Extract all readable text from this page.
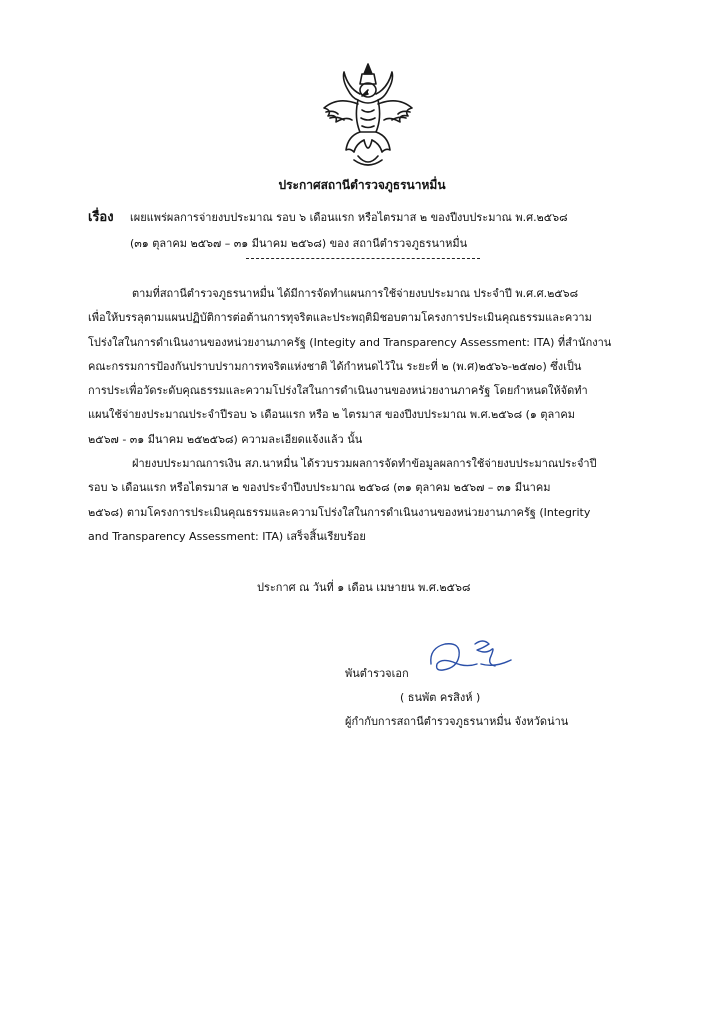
ประกาศสถานีตำรวจภูธรนาหมื่น
เรื่อง เผยแพร่ผลการจ่ายงบประมาณ รอบ ๖ เดือนแรก หรือไตรมาส ๒ ของปีงบประมาณ พ.ศ.๒๕๖๘
(๓๑ ตุลาคม ๒๕๖๗ – ๓๑ มีนาคม ๒๕๖๘) ของ สถานีตำรวจภูธรนาหมื่น
ตามที่สถานีตำรวจภูธรนาหมื่น ได้มีการจัดทำแผนการใช้จ่ายงบประมาณ ประจำปี พ.ศ.ศ.๒๕๖๘
เพื่อให้บรรลุตามแผนปฏิบัติการต่อต้านการทุจริตและประพฤติมิชอบตามโครงการประเมินคุณธรรมและความ
โปร่งใสในการดำเนินงานของหน่วยงานภาครัฐ (Integity and Transparency Assessment: ITA) ที่สำนักงาน
คณะกรรมการป้องกันปราบปรามการทจริตแห่งชาติ ได้กำหนดไว้ใน ระยะที่ ๒ (พ.ศ)๒๕๖๖-๒๕๗๐) ซึ่งเป็น
การประเพื่อวัดระดับคุณธรรมและความโปร่งใสในการดำเนินงานของหน่วยงานภาครัฐ โดยกำหนดให้จัดทำ
แผนใช้จ่ายงประมาณประจำปีรอบ ๖ เดือนแรก หรือ ๒ ไตรมาส ของปีงบประมาณ พ.ศ.๒๕๖๘ (๑ ตุลาคม
๒๕๖๗ - ๓๑ มีนาคม ๒๕๒๕๖๘) ความละเอียดแจ้งแล้ว นั้น
ฝ่ายงบประมาณการเงิน สภ.นาหมื่น ได้รวบรวมผลการจัดทำข้อมูลผลการใช้จ่ายงบประมาณประจำปี
รอบ ๖ เดือนแรก หรือไตรมาส ๒ ของประจำปีงบประมาณ ๒๕๖๘ (๓๑ ตุลาคม ๒๕๖๗ – ๓๑ มีนาคม
๒๕๖๘) ตามโครงการประเมินคุณธรรมและความโปร่งใสในการดำเนินงานของหน่วยงานภาครัฐ (Integrity
and Transparency Assessment: ITA) เสร็จสิ้นเรียบร้อย
ประกาศ ณ วันที่ ๑ เดือน เมษายน พ.ศ.๒๕๖๘
พันตำรวจเอก
( ธนพัต ครสิงห์ )
ผู้กำกับการสถานีตำรวจภูธรนาหมื่น จังหวัดน่าน
